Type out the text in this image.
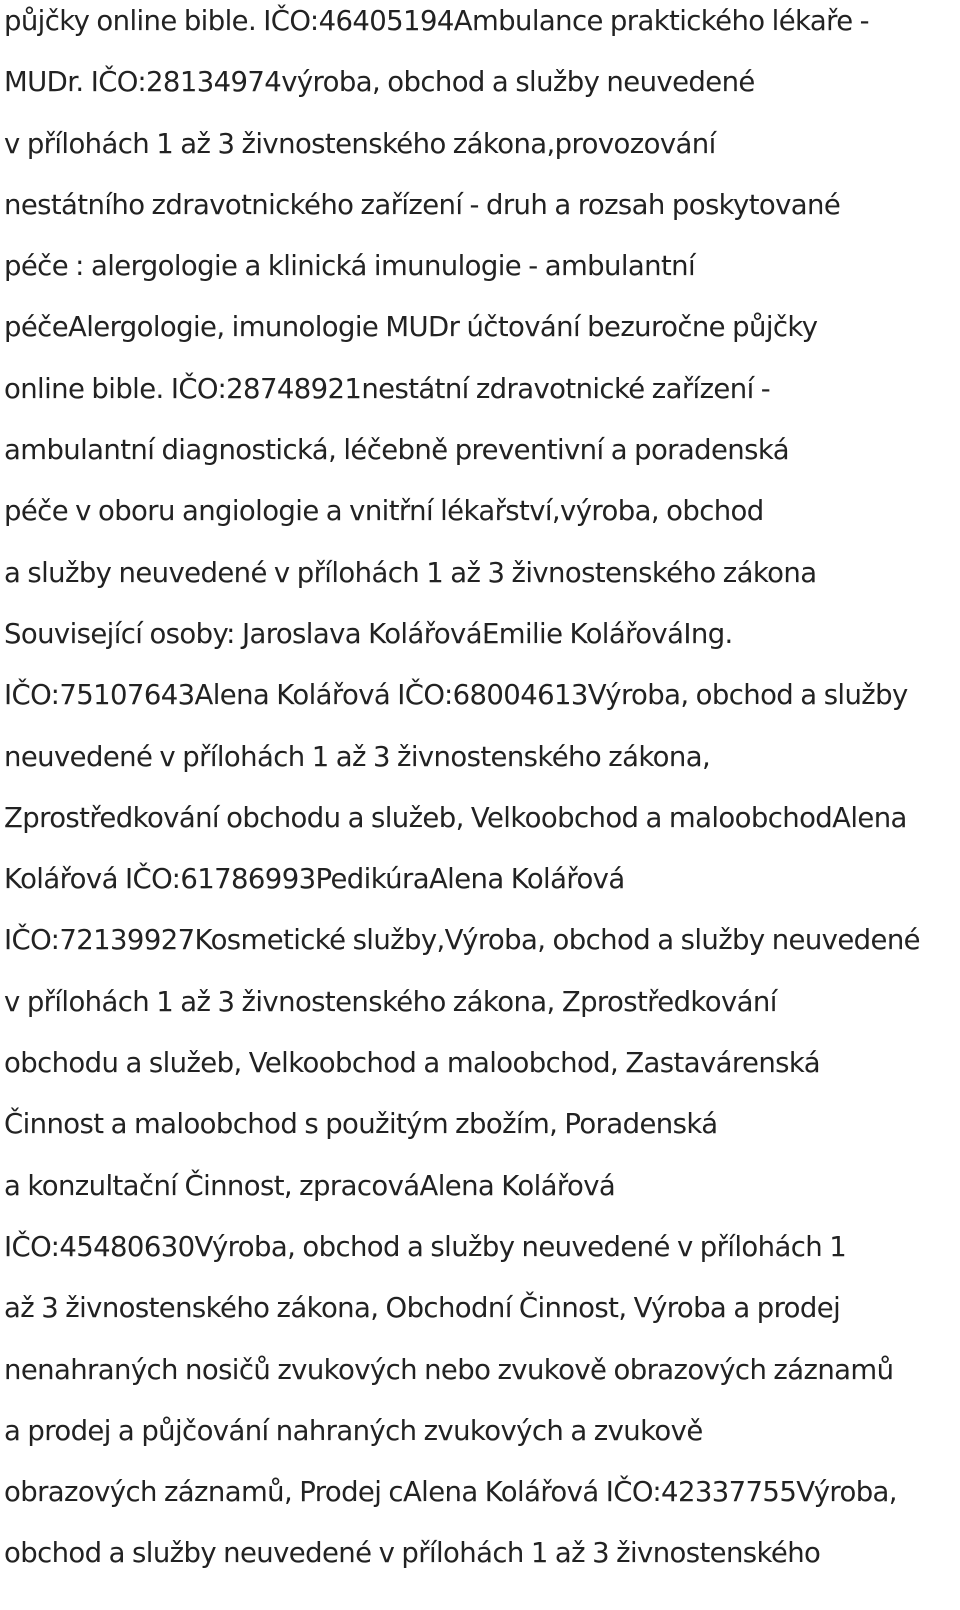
půjčky online bible. IČO:46405194Ambulance praktického lékaře -
MUDr. IČO:28134974výroba, obchod a služby neuvedené
v přílohách 1 až 3 živnostenského zákona,provozování
nestátního zdravotnického zařízení - druh a rozsah poskytované
péče : alergologie a klinická imunulogie - ambulantní
péčeAlergologie, imunologie MUDr účtování bezuročne půjčky
online bible. IČO:28748921nestátní zdravotnické zařízení -
ambulantní diagnostická, léčebně preventivní a poradenská
péče v oboru angiologie a vnitřní lékařství,výroba, obchod
a služby neuvedené v přílohách 1 až 3 živnostenského zákona
Související osoby: Jaroslava KolářováEmilie KolářováIng.
IČO:75107643Alena Kolářová IČO:68004613Výroba, obchod a služby
neuvedené v přílohách 1 až 3 živnostenského zákona,
Zprostředkování obchodu a služeb, Velkoobchod a maloobchodAlena
Kolářová IČO:61786993PedikúraAlena Kolářová
IČO:72139927Kosmetické služby,Výroba, obchod a služby neuvedené
v přílohách 1 až 3 živnostenského zákona, Zprostředkování
obchodu a služeb, Velkoobchod a maloobchod, Zastavárenská
Činnost a maloobchod s použitým zbožím, Poradenská
a konzultační Činnost, zpracováAlena Kolářová
IČO:45480630Výroba, obchod a služby neuvedené v přílohách 1
až 3 živnostenského zákona, Obchodní Činnost, Výroba a prodej
nenahraných nosičů zvukových nebo zvukově obrazových záznamů
a prodej a půjčování nahraných zvukových a zvukově
obrazových záznamů, Prodej cAlena Kolářová IČO:42337755Výroba,
obchod a služby neuvedené v přílohách 1 až 3 živnostenského
